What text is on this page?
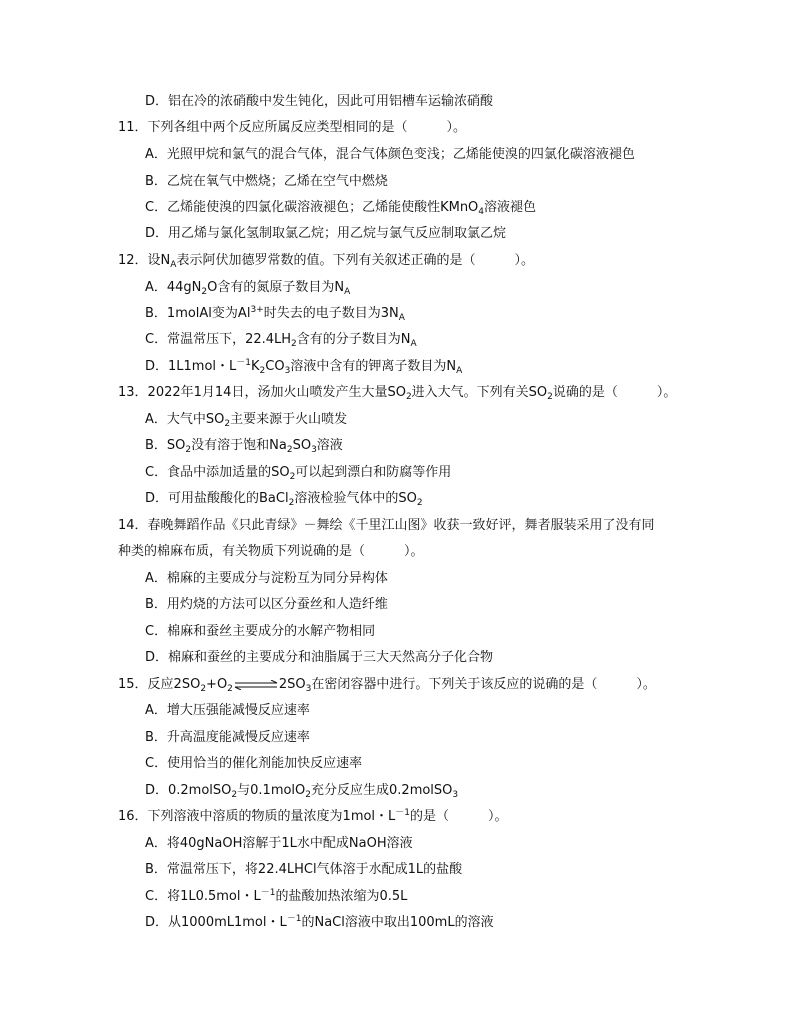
D．铝在冷的浓硝酸中发生钝化，因此可用铝槽车运输浓硝酸
11．下列各组中两个反应所属反应类型相同的是（　　　）。
A．光照甲烷和氯气的混合气体，混合气体颜色变浅；乙烯能使溴的四氯化碳溶液褪色
B．乙烷在氧气中燃烧；乙烯在空气中燃烧
C．乙烯能使溴的四氯化碳溶液褪色；乙烯能使酸性KMnO$_4$溶液褪色
D．用乙烯与氯化氢制取氯乙烷；用乙烷与氯气反应制取氯乙烷
12．设$N_A$表示阿伏加德罗常数的值。下列有关叙述正确的是（　　　）。
A．$44gN_2O$含有的氮原子数目为$N_A$
B．1molAl变为$Al^{3+}$时失去的电子数目为$3N_A$
C．常温常压下，$22.4LH_2$含有的分子数目为$N_A$
D．1L1mol・$L^{-1}K_2CO_3$溶液中含有的钾离子数目为$N_A$
13．2022年1月14日，汤加火山喷发产生大量$SO_2$进入大气。下列有关$SO_2$说确的是（　　　）。
A．大气中$SO_2$主要来源于火山喷发
B．$SO_2$没有溶于饱和$Na_2SO_3$溶液
C．食品中添加适量的$SO_2$可以起到漂白和防腐等作用
D．可用盐酸酸化的BaCl$_2$溶液检验气体中的$SO_2$
14．春晚舞蹈作品《只此青绿》－舞绘《千里江山图》收获一致好评，舞者服装采用了没有同
种类的棉麻布质，有关物质下列说确的是（　　　）。
A．棉麻的主要成分与淀粉互为同分异构体
B．用灼烧的方法可以区分蚕丝和人造纤维
C．棉麻和蚕丝主要成分的水解产物相同
D．棉麻和蚕丝的主要成分和油脂属于三大天然高分子化合物
15．反应$2SO_2+O_2\rightleftharpoons 2SO_3$在密闭容器中进行。下列关于该反应的说确的是（　　　）。
A．增大压强能减慢反应速率
B．升高温度能减慢反应速率
C．使用恰当的催化剂能加快反应速率
D．0.2molSO$_2$与0.1molO$_2$充分反应生成0.2molSO$_3$
16．下列溶液中溶质的物质的量浓度为1mol・$L^{-1}$的是（　　　）。
A．将40gNaOH溶解于1L水中配成NaOH溶液
B．常温常压下，将22.4LHCl气体溶于水配成1L的盐酸
C．将1L0.5mol・$L^{-1}$的盐酸加热浓缩为0.5L
D．从1000mL1mol・$L^{-1}$的NaCl溶液中取出100mL的溶液
